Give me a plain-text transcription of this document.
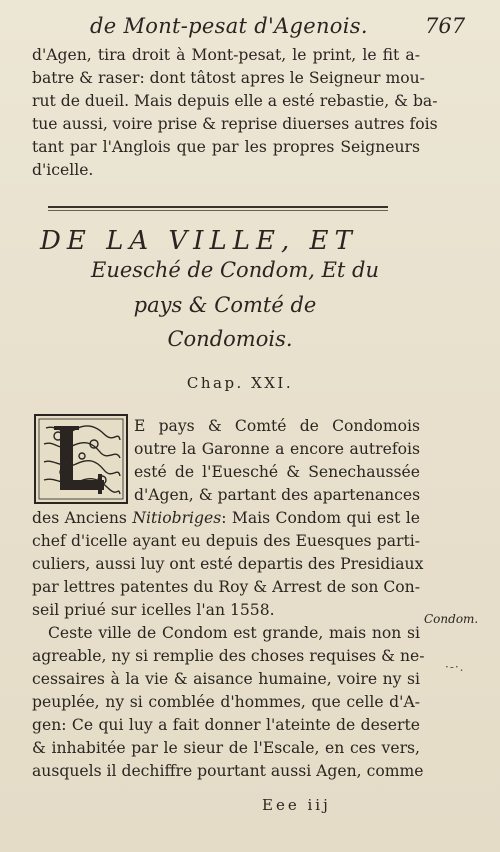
de Mont-pesat d'Agenois.	767
d'Agen, tira droit à Mont-pesat, le print, le fit a-
batre & raser: dont tâtost apres le Seigneur mou-
rut de dueil. Mais depuis elle a esté rebastie, & ba-
tue aussi, voire prise & reprise diuerses autres fois
tant par l'Anglois que par les propres Seigneurs
d'icelle.
DE LA VILLE, ET
Euesché de Condom, Et du
pays & Comté de
Condomois.
Chap. XXI.
L
E pays & Comté de Condomois
outre la Garonne a encore autrefois
esté de l'Euesché & Senechaussée
d'Agen, & partant des apartenances
des Anciens Nitiobriges: Mais Condom qui est le
chef d'icelle ayant eu depuis des Euesques parti-
culiers, aussi luy ont esté departis des Presidiaux
par lettres patentes du Roy & Arrest de son Con-
seil priué sur icelles l'an 1558.
Ceste ville de Condom est grande, mais non si
agreable, ny si remplie des choses requises & ne-
cessaires à la vie & aisance humaine, voire ny si
peuplée, ny si comblée d'hommes, que celle d'A-
gen: Ce qui luy a fait donner l'ateinte de deserte
& inhabitée par le sieur de l'Escale, en ces vers,
ausquels il dechiffre pourtant aussi Agen, comme
Condom.
·-·.
Eee iij
